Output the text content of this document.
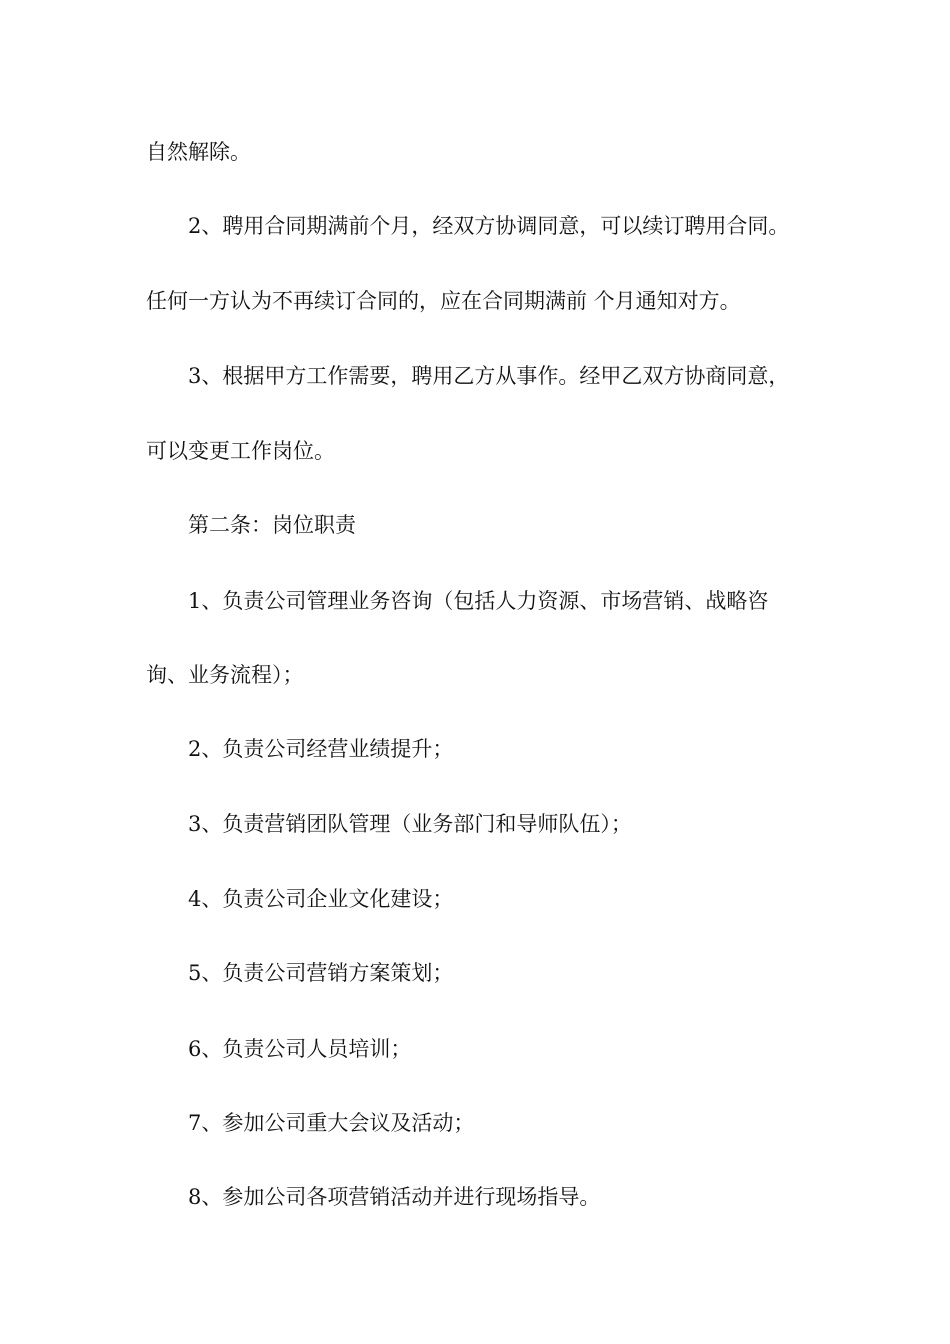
自然解除。
2、聘用合同期满前个月，经双方协调同意，可以续订聘用合同。
任何一方认为不再续订合同的，应在合同期满前 个月通知对方。
3、根据甲方工作需要，聘用乙方从事作。经甲乙双方协商同意，
可以变更工作岗位。
第二条：岗位职责
1、负责公司管理业务咨询（包括人力资源、市场营销、战略咨
询、业务流程）；
2、负责公司经营业绩提升；
3、负责营销团队管理（业务部门和导师队伍）；
4、负责公司企业文化建设；
5、负责公司营销方案策划；
6、负责公司人员培训；
7、参加公司重大会议及活动；
8、参加公司各项营销活动并进行现场指导。
